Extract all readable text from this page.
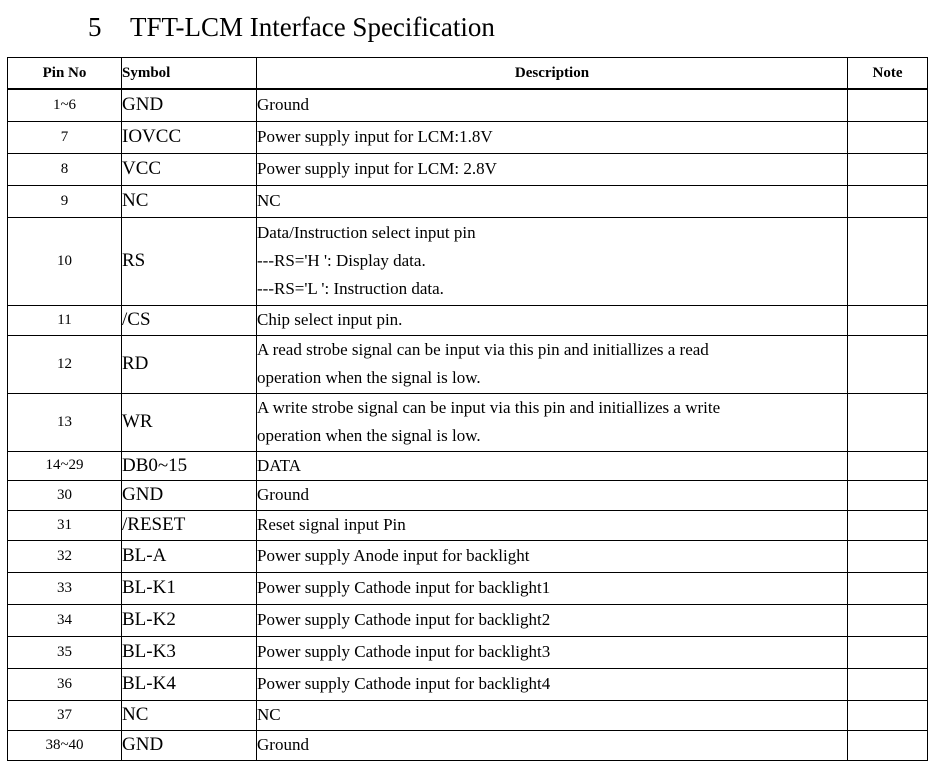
5 TFT-LCM Interface Specification
Pin No	Symbol	Description	Note
1~6	GND	Ground	

7	IOVCC	Power supply input for LCM:1.8V	

8	VCC	Power supply input for LCM: 2.8V	

9	NC	NC	

10	RS	Data/Instruction select input pin
---RS='H ': Display data.
---RS='L ': Instruction data.	

11	/CS	Chip select input pin.	

12	RD	A read strobe signal can be input via this pin and initiallizes a read
operation when the signal is low.	

13	WR	A write strobe signal can be input via this pin and initiallizes a write
operation when the signal is low.	

14~29	DB0~15	DATA	

30	GND	Ground	

31	/RESET	Reset signal input Pin	

32	BL-A	Power supply Anode input for backlight	

33	BL-K1	Power supply Cathode input for backlight1	

34	BL-K2	Power supply Cathode input for backlight2	

35	BL-K3	Power supply Cathode input for backlight3	

36	BL-K4	Power supply Cathode input for backlight4	

37	NC	NC	

38~40	GND	Ground	
